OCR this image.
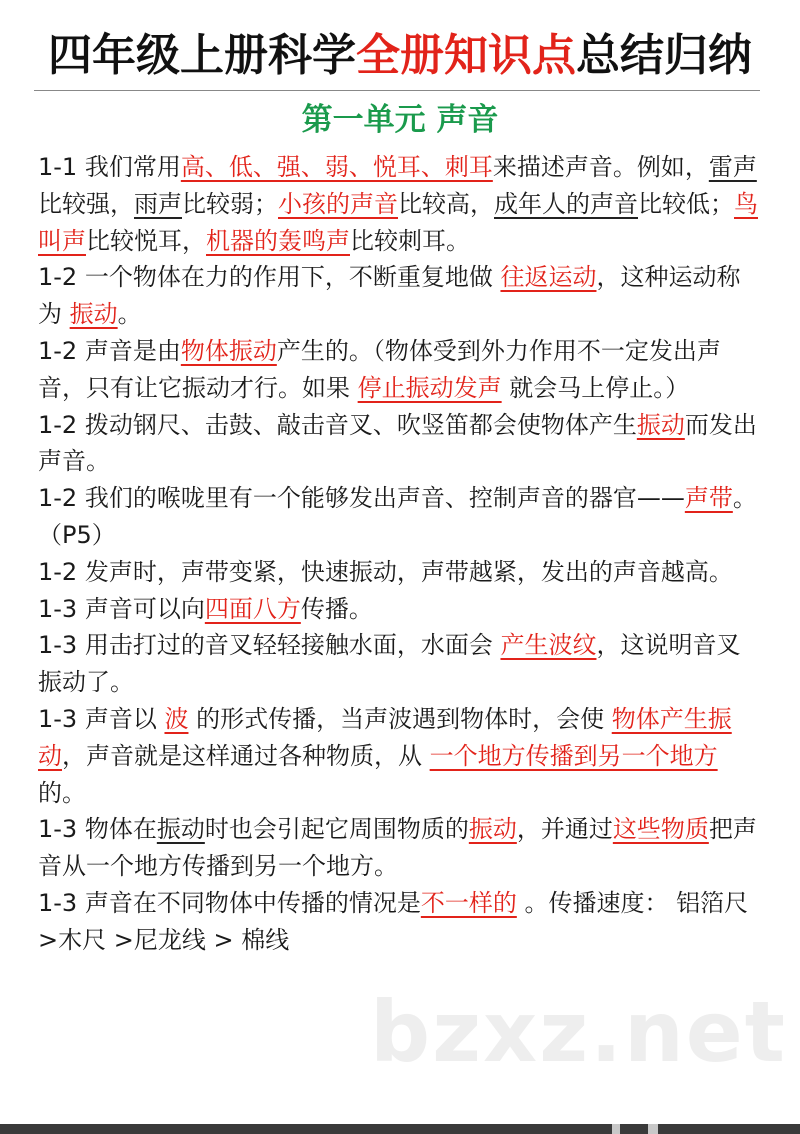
四年级上册科学全册知识点总结归纳
第一单元 声音

1-1 我们常用高、低、强、弱、悦耳、刺耳来描述声音。例如，雷声比较强，雨声比较弱；小孩的声音比较高，成年人的声音比较低；鸟叫声比较悦耳，机器的轰鸣声比较刺耳。

1-2 一个物体在力的作用下，不断重复地做 往返运动，这种运动称为 振动。

1-2 声音是由物体振动产生的。（物体受到外力作用不一定发出声音，只有让它振动才行。如果 停止振动发声 就会马上停止。）

1-2 拨动钢尺、击鼓、敲击音叉、吹竖笛都会使物体产生振动而发出声音。

1-2 我们的喉咙里有一个能够发出声音、控制声音的器官——声带。（P5）

1-2 发声时，声带变紧，快速振动，声带越紧，发出的声音越高。

1-3 声音可以向四面八方传播。

1-3 用击打过的音叉轻轻接触水面，水面会 产生波纹，这说明音叉振动了。

1-3 声音以 波 的形式传播，当声波遇到物体时，会使 物体产生振动，声音就是这样通过各种物质，从 一个地方传播到另一个地方的。

1-3 物体在振动时也会引起它周围物质的振动，并通过这些物质把声音从一个地方传播到另一个地方。

1-3 声音在不同物体中传播的情况是不一样的 。传播速度： 铝箔尺 >木尺 >尼龙线 > 棉线

bzxz.net
